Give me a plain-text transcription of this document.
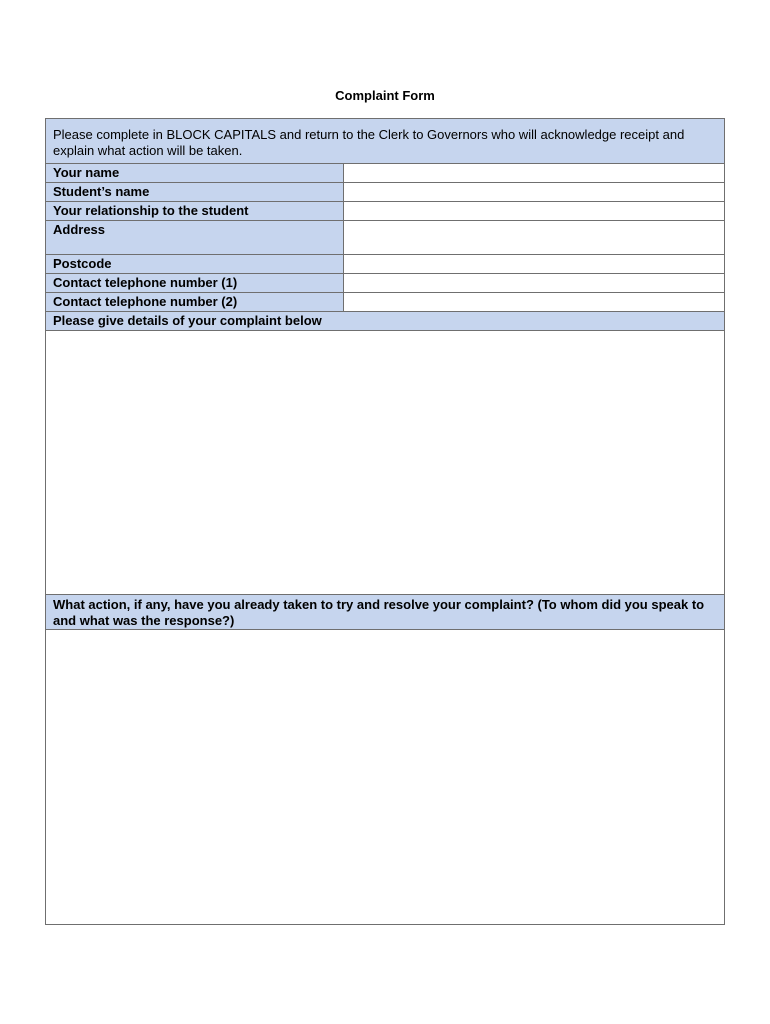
Complaint Form
Please complete in BLOCK CAPITALS and return to the Clerk to Governors who will acknowledge receipt and explain what action will be taken.
Your name
Student’s name
Your relationship to the student
Address
Postcode
Contact telephone number (1)
Contact telephone number (2)
Please give details of your complaint below
What action, if any, have you already taken to try and resolve your complaint? (To whom did you speak to and what was the response?)
